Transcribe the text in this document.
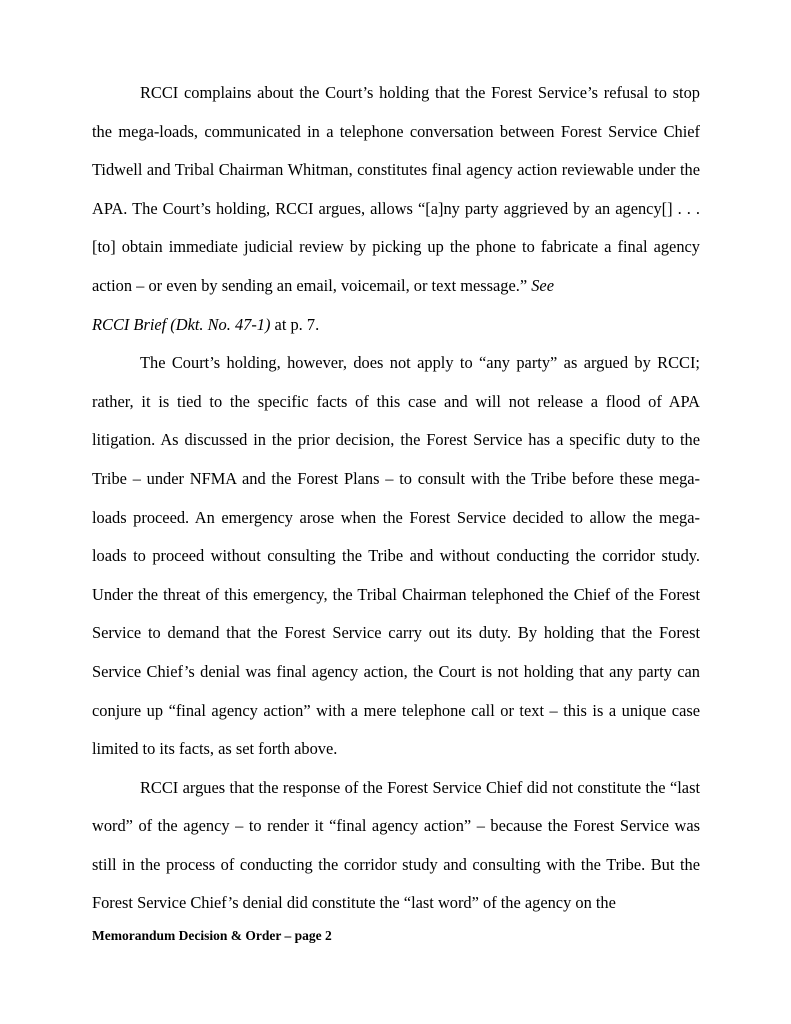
RCCI complains about the Court’s holding that the Forest Service’s refusal to stop the mega-loads, communicated in a telephone conversation between Forest Service Chief Tidwell and Tribal Chairman Whitman, constitutes final agency action reviewable under the APA. The Court’s holding, RCCI argues, allows “[a]ny party aggrieved by an agency[] . . . [to] obtain immediate judicial review by picking up the phone to fabricate a final agency action – or even by sending an email, voicemail, or text message.” See
RCCI Brief (Dkt. No. 47-1) at p. 7.

The Court’s holding, however, does not apply to “any party” as argued by RCCI; rather, it is tied to the specific facts of this case and will not release a flood of APA litigation. As discussed in the prior decision, the Forest Service has a specific duty to the Tribe – under NFMA and the Forest Plans – to consult with the Tribe before these mega-loads proceed. An emergency arose when the Forest Service decided to allow the mega-loads to proceed without consulting the Tribe and without conducting the corridor study. Under the threat of this emergency, the Tribal Chairman telephoned the Chief of the Forest Service to demand that the Forest Service carry out its duty. By holding that the Forest Service Chief’s denial was final agency action, the Court is not holding that any party can conjure up “final agency action” with a mere telephone call or text – this is a unique case limited to its facts, as set forth above.

RCCI argues that the response of the Forest Service Chief did not constitute the “last word” of the agency – to render it “final agency action” – because the Forest Service was still in the process of conducting the corridor study and consulting with the Tribe. But the Forest Service Chief’s denial did constitute the “last word” of the agency on the

Memorandum Decision & Order – page 2
